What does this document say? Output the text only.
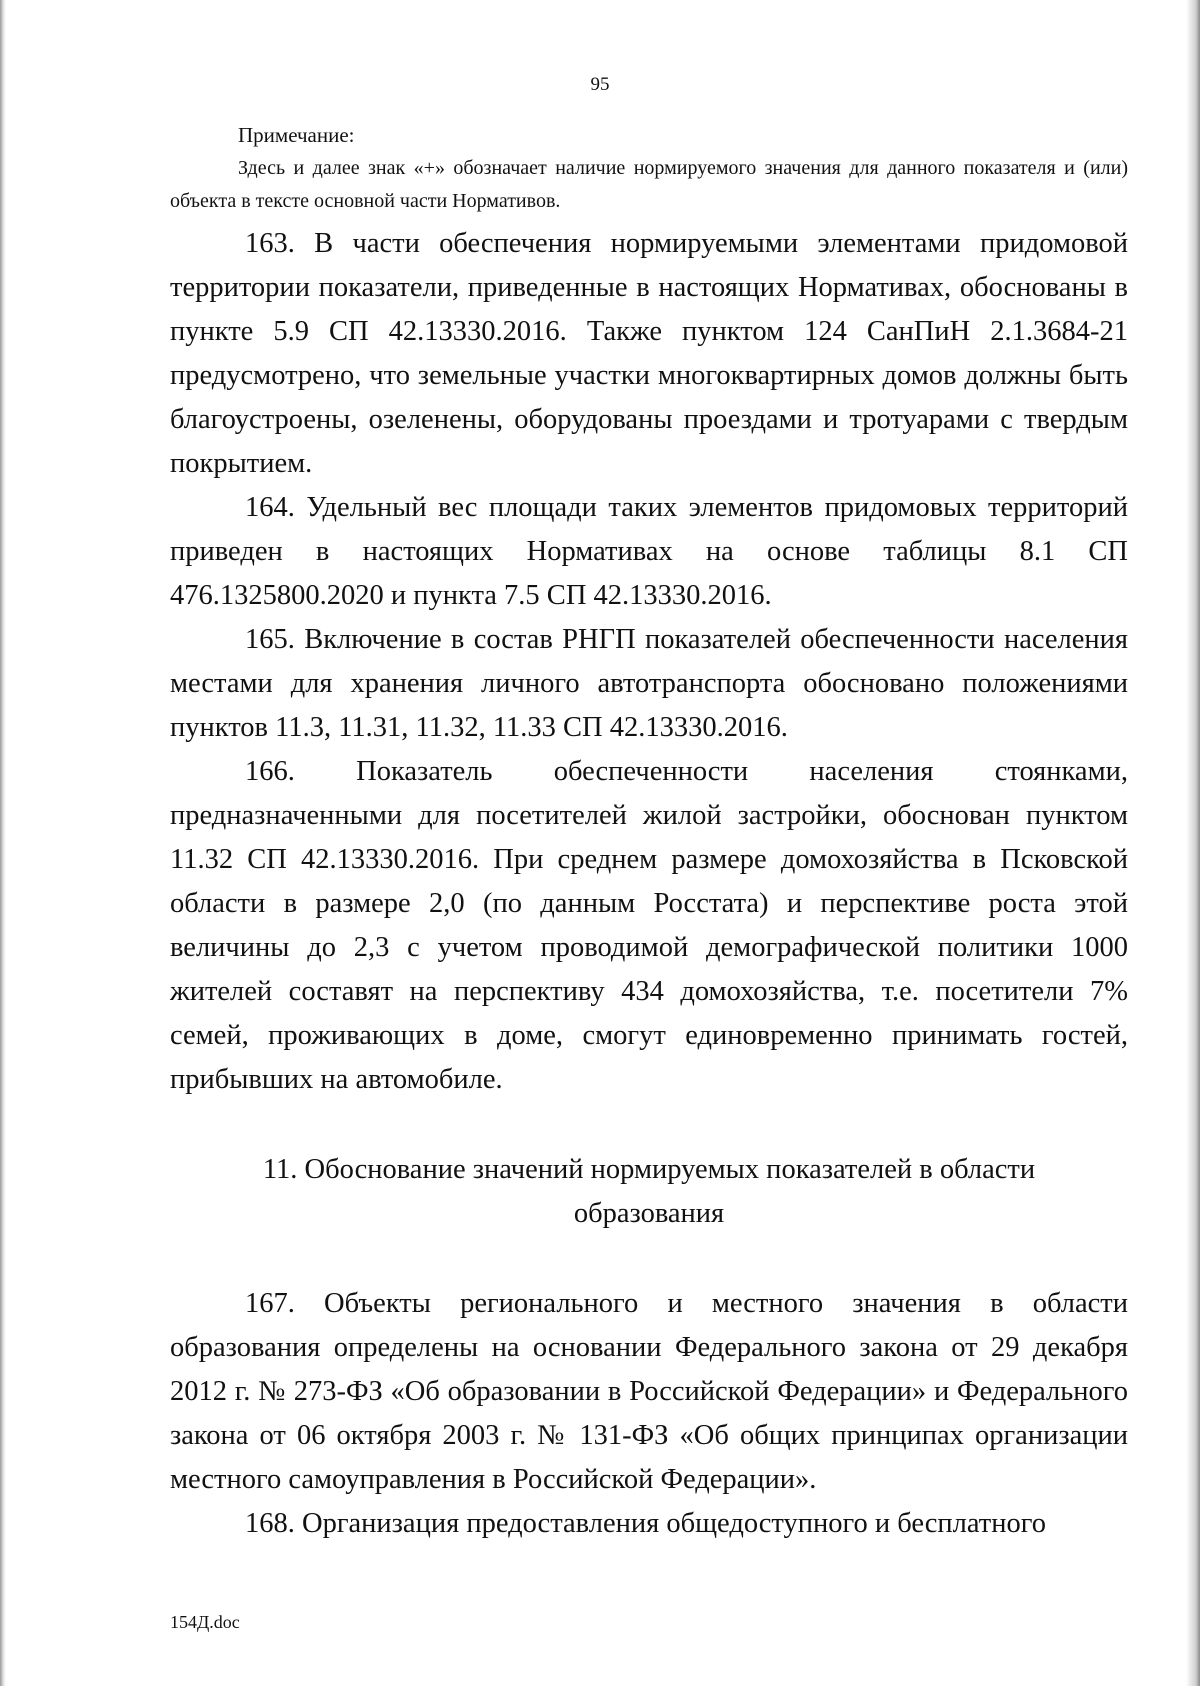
95

Примечание:

Здесь и далее знак «+» обозначает наличие нормируемого значения для данного показателя и (или) объекта в тексте основной части Нормативов.

163. В части обеспечения нормируемыми элементами придомовой территории показатели, приведенные в настоящих Нормативах, обоснованы в пункте 5.9 СП 42.13330.2016. Также пунктом 124 СанПиН 2.1.3684-21 предусмотрено, что земельные участки многоквартирных домов должны быть благоустроены, озеленены, оборудованы проездами и тротуарами с твердым покрытием.

164. Удельный вес площади таких элементов придомовых территорий приведен в настоящих Нормативах на основе таблицы 8.1 СП 476.1325800.2020 и пункта 7.5 СП 42.13330.2016.

165. Включение в состав РНГП показателей обеспеченности населения местами для хранения личного автотранспорта обосновано положениями пунктов 11.3, 11.31, 11.32, 11.33 СП 42.13330.2016.

166. Показатель обеспеченности населения стоянками, предназначенными для посетителей жилой застройки, обоснован пунктом 11.32 СП 42.13330.2016. При среднем размере домохозяйства в Псковской области в размере 2,0 (по данным Росстата) и перспективе роста этой величины до 2,3 с учетом проводимой демографической политики 1000 жителей составят на перспективу 434 домохозяйства, т.е. посетители 7% семей, проживающих в доме, смогут единовременно принимать гостей, прибывших на автомобиле.

11. Обоснование значений нормируемых показателей в области образования

167. Объекты регионального и местного значения в области образования определены на основании Федерального закона от 29 декабря 2012 г. № 273-ФЗ «Об образовании в Российской Федерации» и Федерального закона от 06 октября 2003 г. № 131-ФЗ «Об общих принципах организации местного самоуправления в Российской Федерации».

168. Организация предоставления общедоступного и бесплатного

154Д.doc
